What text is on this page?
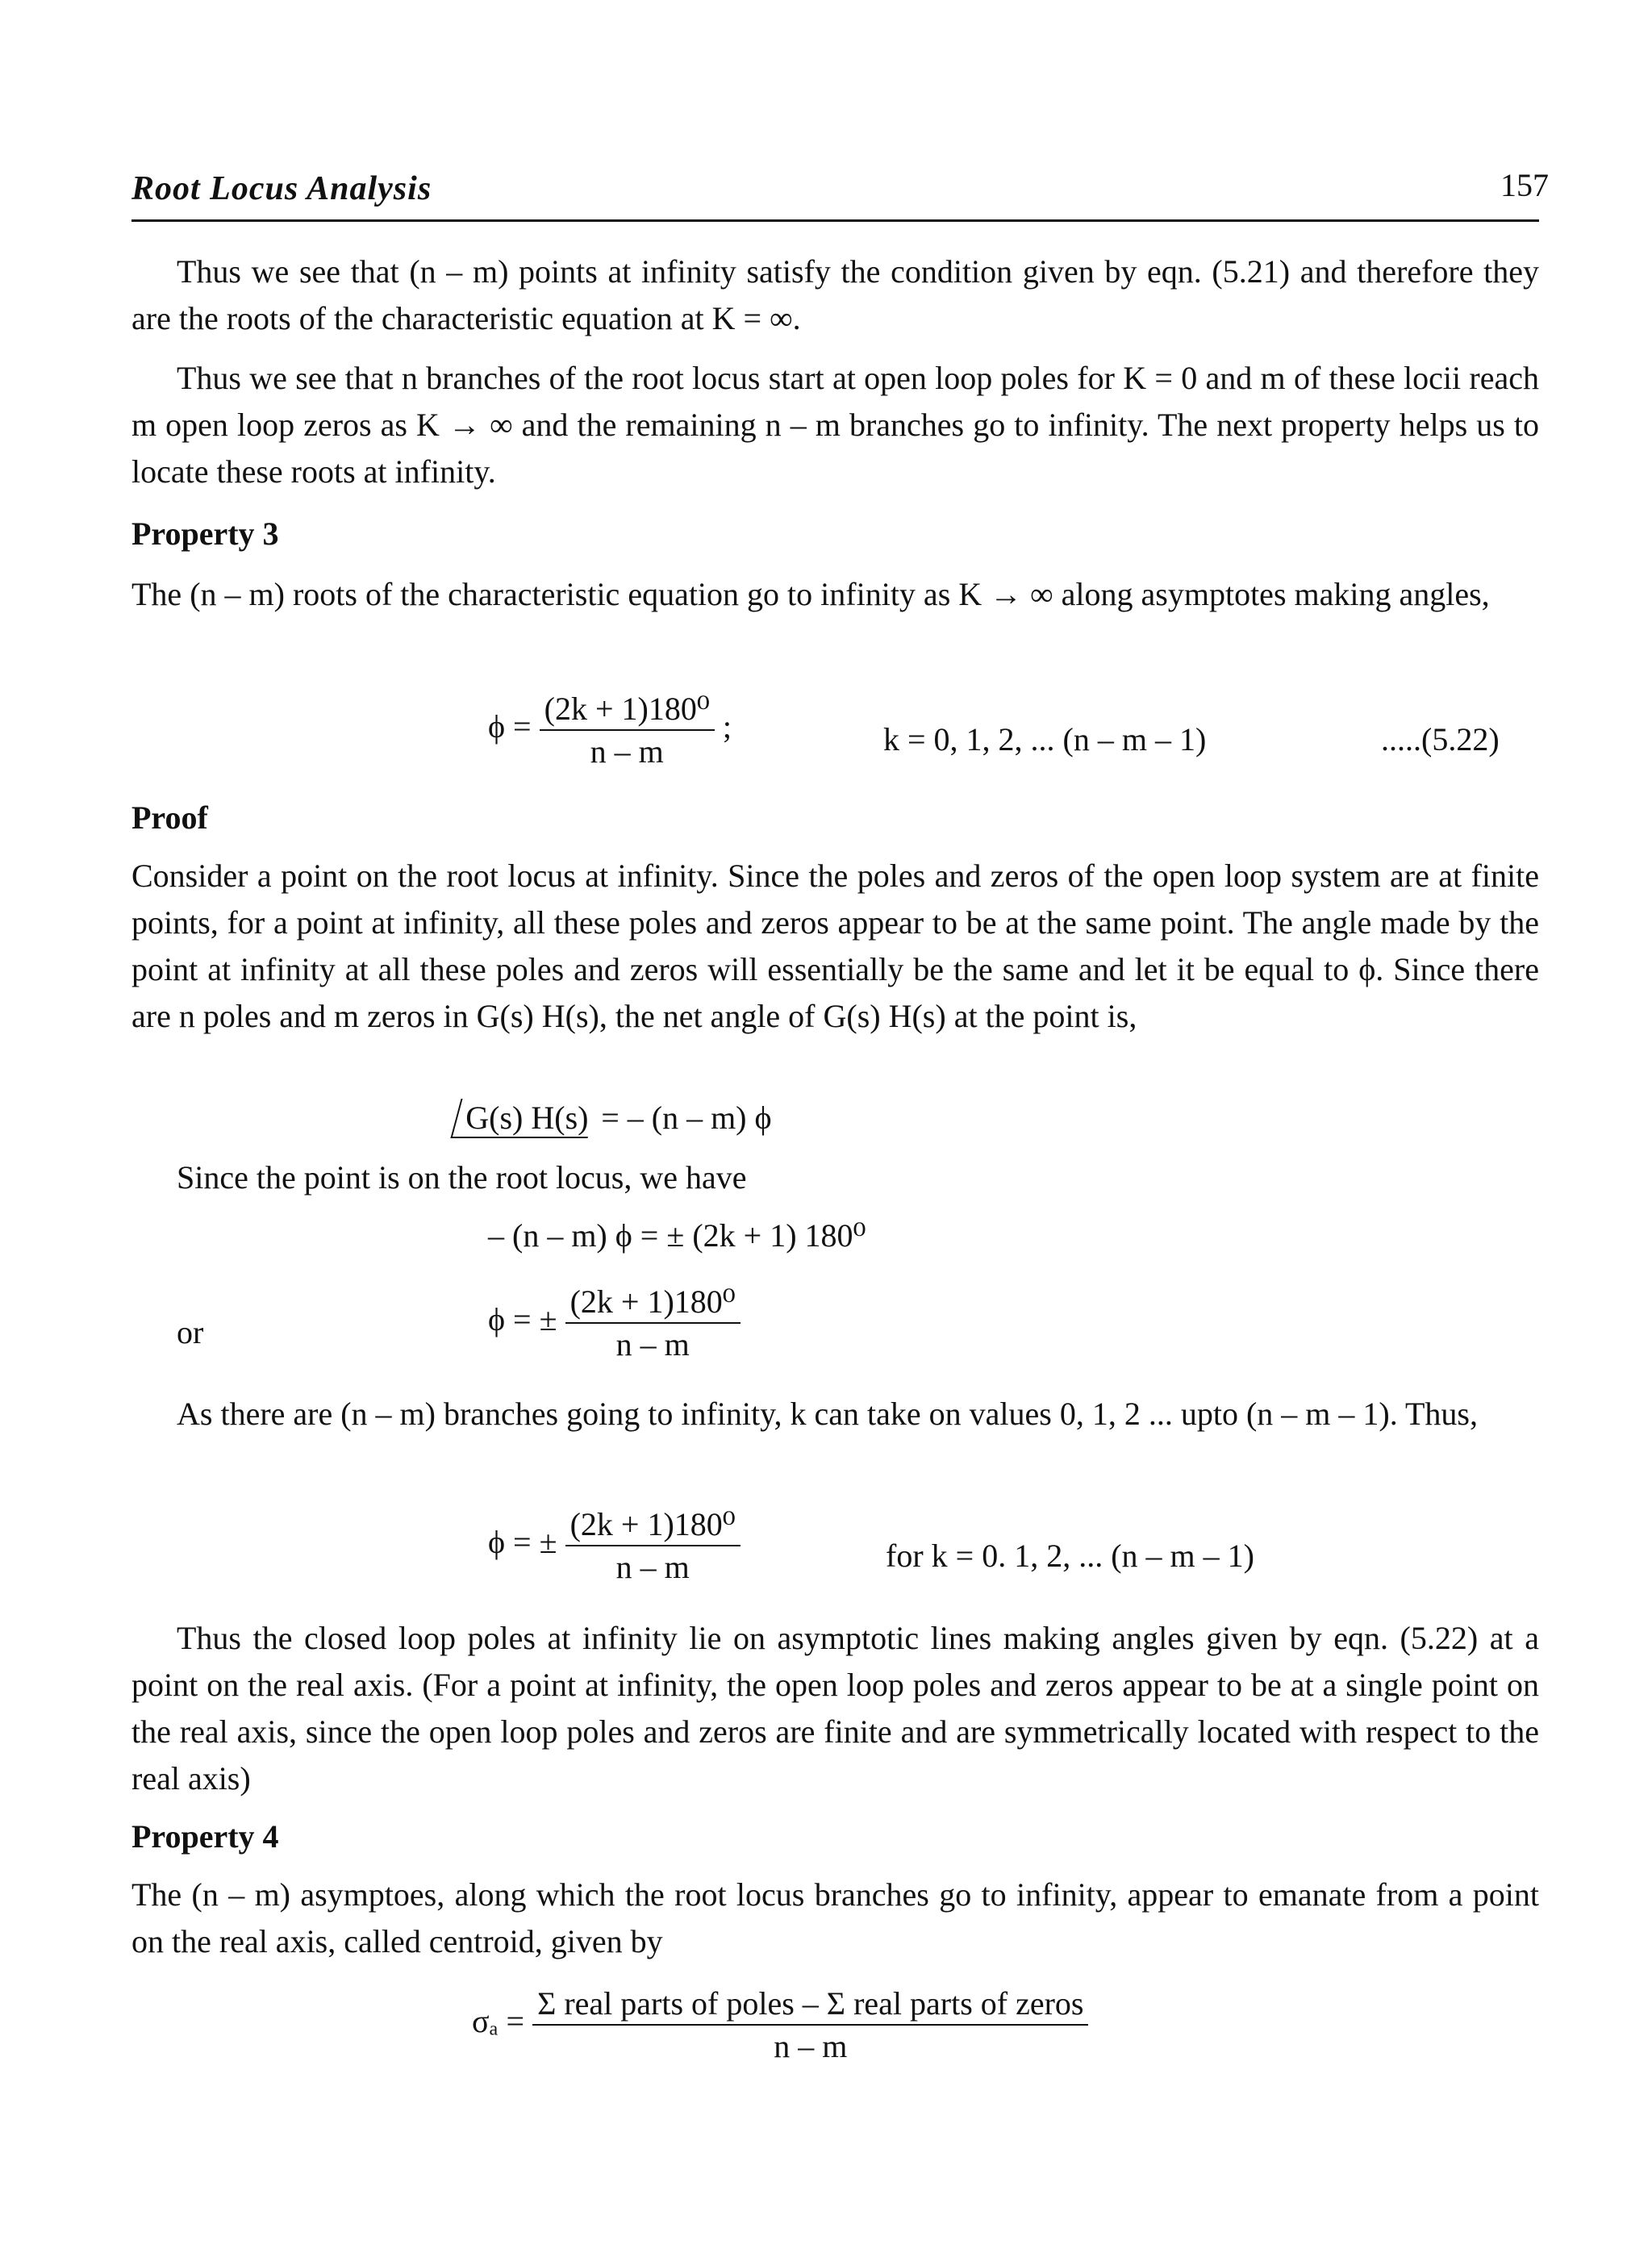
Root Locus Analysis	157

Thus we see that (n – m) points at infinity satisfy the condition given by eqn. (5.21) and therefore they are the roots of the characteristic equation at K = ∞.

Thus we see that n branches of the root locus start at open loop poles for K = 0 and m of these locii reach m open loop zeros as K → ∞ and the remaining n – m branches go to infinity. The next property helps us to locate these roots at infinity.

Property 3

The (n – m) roots of the characteristic equation go to infinity as K → ∞ along asymptotes making angles,

$\phi = \frac{\text{(2k + 1)180⁰}}{n - m}$ ;	k = 0, 1, 2, ... (n – m – 1)	.....(5.22)
Proof

Consider a point on the root locus at infinity. Since the poles and zeros of the open loop system are at finite points, for a point at infinity, all these poles and zeros appear to be at the same point. The angle made by the point at infinity at all these poles and zeros will essentially be the same and let it be equal to ϕ. Since there are n poles and m zeros in G(s) H(s), the net angle of G(s) H(s) at the point is,

G(s) H(s) = – (n – m) ϕ

Since the point is on the root locus, we have

– (n – m) ϕ = ± (2k + 1) 180⁰
or	ϕ = ± $\frac{\text{(2k + 1)180⁰}}{n - m}$

As there are (n – m) branches going to infinity, k can take on values 0, 1, 2 ... upto (n – m – 1). Thus,

ϕ = ± $\frac{\text{(2k + 1)180⁰}}{n - m}$	for k = 0. 1, 2, ... (n – m – 1)

Thus the closed loop poles at infinity lie on asymptotic lines making angles given by eqn. (5.22) at a point on the real axis. (For a point at infinity, the open loop poles and zeros appear to be at a single point on the real axis, since the open loop poles and zeros are finite and are symmetrically located with respect to the real axis)

Property 4

The (n – m) asymptoes, along which the root locus branches go to infinity, appear to emanate from a point on the real axis, called centroid, given by

$\sigma_a = \frac{\text{Σ real parts of poles – Σ real parts of zeros}}{n - m}$
